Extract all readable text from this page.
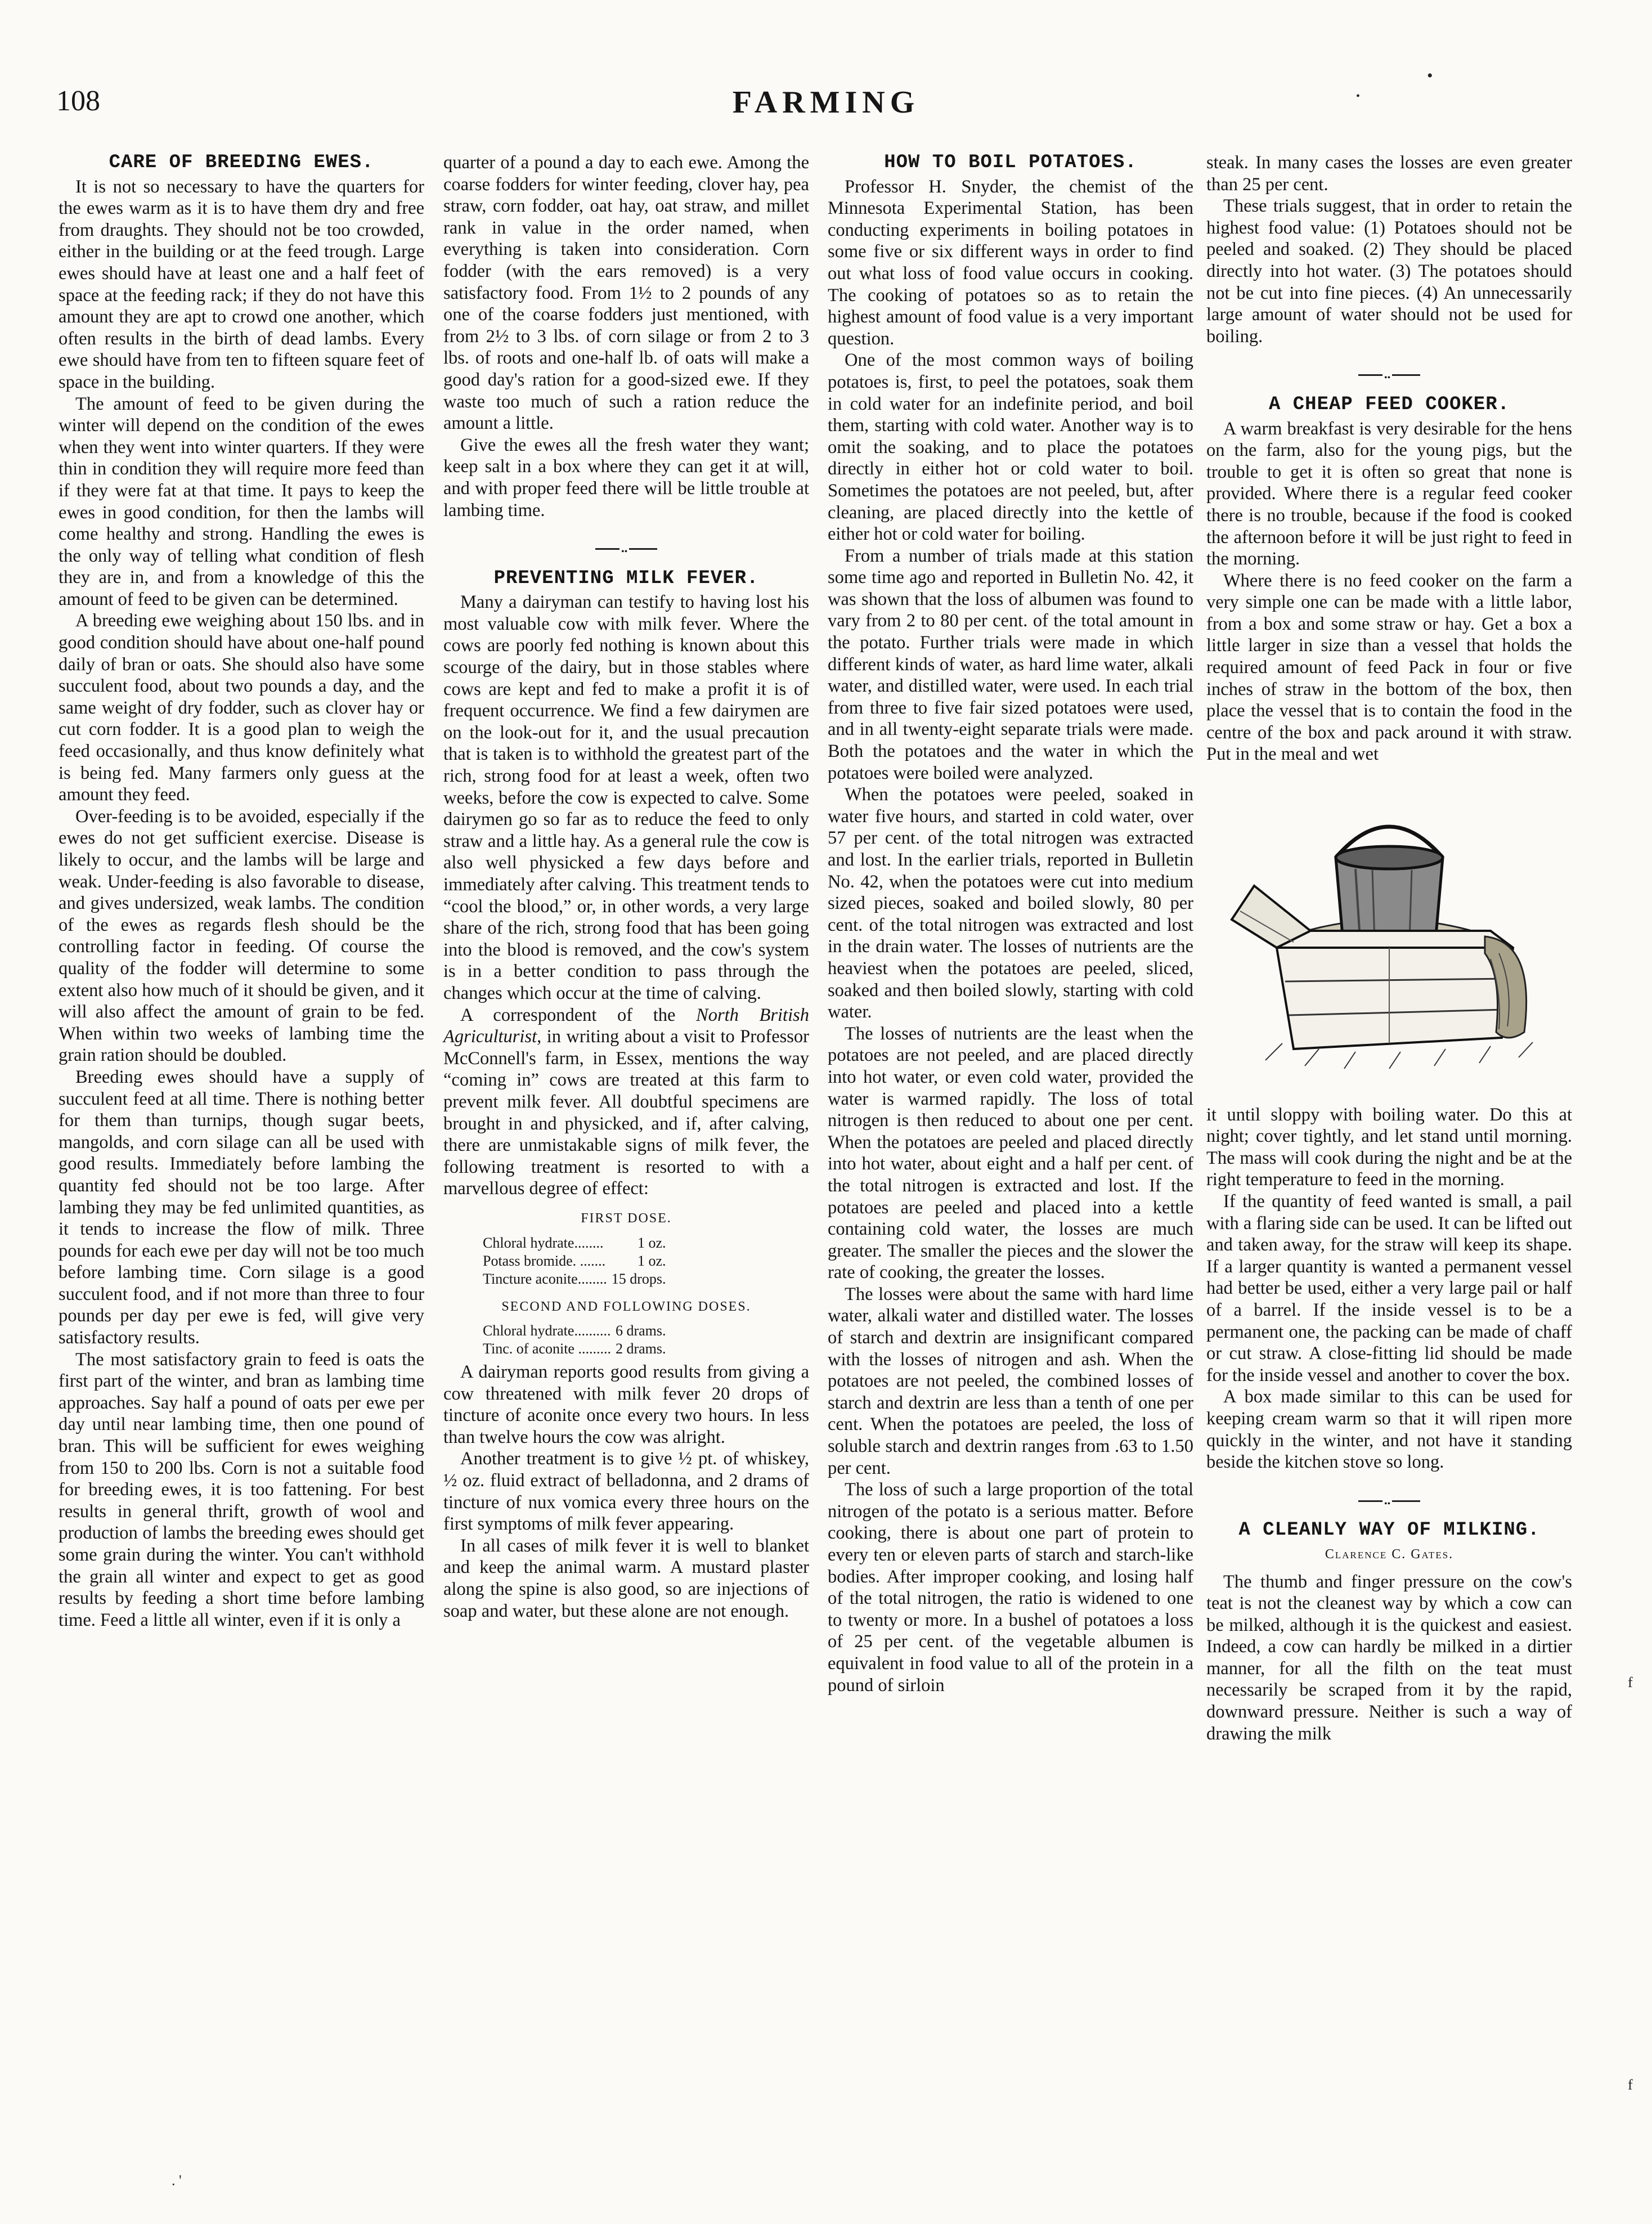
108	FARMING
CARE OF BREEDING EWES.

It is not so necessary to have the quarters for the ewes warm as it is to have them dry and free from draughts. They should not be too crowded, either in the building or at the feed trough. Large ewes should have at least one and a half feet of space at the feeding rack; if they do not have this amount they are apt to crowd one another, which often results in the birth of dead lambs. Every ewe should have from ten to fifteen square feet of space in the building.

The amount of feed to be given during the winter will depend on the condition of the ewes when they went into winter quarters. If they were thin in condition they will require more feed than if they were fat at that time. It pays to keep the ewes in good condition, for then the lambs will come healthy and strong. Handling the ewes is the only way of telling what condition of flesh they are in, and from a knowledge of this the amount of feed to be given can be determined.

A breeding ewe weighing about 150 lbs. and in good condition should have about one-half pound daily of bran or oats. She should also have some succulent food, about two pounds a day, and the same weight of dry fodder, such as clover hay or cut corn fodder. It is a good plan to weigh the feed occasionally, and thus know definitely what is being fed. Many farmers only guess at the amount they feed.

Over-feeding is to be avoided, especially if the ewes do not get sufficient exercise. Disease is likely to occur, and the lambs will be large and weak. Under-feeding is also favorable to disease, and gives undersized, weak lambs. The condition of the ewes as regards flesh should be the controlling factor in feeding. Of course the quality of the fodder will determine to some extent also how much of it should be given, and it will also affect the amount of grain to be fed. When within two weeks of lambing time the grain ration should be doubled.

Breeding ewes should have a supply of succulent feed at all time. There is nothing better for them than turnips, though sugar beets, mangolds, and corn silage can all be used with good results. Immediately before lambing the quantity fed should not be too large. After lambing they may be fed unlimited quantities, as it tends to increase the flow of milk. Three pounds for each ewe per day will not be too much before lambing time. Corn silage is a good succulent food, and if not more than three to four pounds per day per ewe is fed, will give very satisfactory results.

The most satisfactory grain to feed is oats the first part of the winter, and bran as lambing time approaches. Say half a pound of oats per ewe per day until near lambing time, then one pound of bran. This will be sufficient for ewes weighing from 150 to 200 lbs. Corn is not a suitable food for breeding ewes, it is too fattening. For best results in general thrift, growth of wool and production of lambs the breeding ewes should get some grain during the winter. You can't withhold the grain all winter and expect to get as good results by feeding a short time before lambing time. Feed a little all winter, even if it is only a

quarter of a pound a day to each ewe. Among the coarse fodders for winter feeding, clover hay, pea straw, corn fodder, oat hay, oat straw, and millet rank in value in the order named, when everything is taken into consideration. Corn fodder (with the ears removed) is a very satisfactory food. From 1½ to 2 pounds of any one of the coarse fodders just mentioned, with from 2½ to 3 lbs. of corn silage or from 2 to 3 lbs. of roots and one-half lb. of oats will make a good day's ration for a good-sized ewe. If they waste too much of such a ration reduce the amount a little.

Give the ewes all the fresh water they want; keep salt in a box where they can get it at will, and with proper feed there will be little trouble at lambing time.

••
PREVENTING MILK FEVER.

Many a dairyman can testify to having lost his most valuable cow with milk fever. Where the cows are poorly fed nothing is known about this scourge of the dairy, but in those stables where cows are kept and fed to make a profit it is of frequent occurrence. We find a few dairymen are on the look-out for it, and the usual precaution that is taken is to withhold the greatest part of the rich, strong food for at least a week, often two weeks, before the cow is expected to calve. Some dairymen go so far as to reduce the feed to only straw and a little hay. As a general rule the cow is also well physicked a few days before and immediately after calving. This treatment tends to “cool the blood,” or, in other words, a very large share of the rich, strong food that has been going into the blood is removed, and the cow's system is in a better condition to pass through the changes which occur at the time of calving.

A correspondent of the North British Agriculturist, in writing about a visit to Professor McConnell's farm, in Essex, mentions the way “coming in” cows are treated at this farm to prevent milk fever. All doubtful specimens are brought in and physicked, and if, after calving, there are unmistakable signs of milk fever, the following treatment is resorted to with a marvellous degree of effect:

FIRST DOSE.
Chloral hydrate........	1 oz.
Potass bromide. .......	1 oz.
Tincture aconite........	15 drops.
SECOND AND FOLLOWING DOSES.
Chloral hydrate..........	6 drams.
Tinc. of aconite .........	2 drams.

A dairyman reports good results from giving a cow threatened with milk fever 20 drops of tincture of aconite once every two hours. In less than twelve hours the cow was alright.

Another treatment is to give ½ pt. of whiskey, ½ oz. fluid extract of belladonna, and 2 drams of tincture of nux vomica every three hours on the first symptoms of milk fever appearing.

In all cases of milk fever it is well to blanket and keep the animal warm. A mustard plaster along the spine is also good, so are injections of soap and water, but these alone are not enough.

HOW TO BOIL POTATOES.

Professor H. Snyder, the chemist of the Minnesota Experimental Station, has been conducting experiments in boiling potatoes in some five or six different ways in order to find out what loss of food value occurs in cooking. The cooking of potatoes so as to retain the highest amount of food value is a very important question.

One of the most common ways of boiling potatoes is, first, to peel the potatoes, soak them in cold water for an indefinite period, and boil them, starting with cold water. Another way is to omit the soaking, and to place the potatoes directly in either hot or cold water to boil. Sometimes the potatoes are not peeled, but, after cleaning, are placed directly into the kettle of either hot or cold water for boiling.

From a number of trials made at this station some time ago and reported in Bulletin No. 42, it was shown that the loss of albumen was found to vary from 2 to 80 per cent. of the total amount in the potato. Further trials were made in which different kinds of water, as hard lime water, alkali water, and distilled water, were used. In each trial from three to five fair sized potatoes were used, and in all twenty-eight separate trials were made. Both the potatoes and the water in which the potatoes were boiled were analyzed.

When the potatoes were peeled, soaked in water five hours, and started in cold water, over 57 per cent. of the total nitrogen was extracted and lost. In the earlier trials, reported in Bulletin No. 42, when the potatoes were cut into medium sized pieces, soaked and boiled slowly, 80 per cent. of the total nitrogen was extracted and lost in the drain water. The losses of nutrients are the heaviest when the potatoes are peeled, sliced, soaked and then boiled slowly, starting with cold water.

The losses of nutrients are the least when the potatoes are not peeled, and are placed directly into hot water, or even cold water, provided the water is warmed rapidly. The loss of total nitrogen is then reduced to about one per cent. When the potatoes are peeled and placed directly into hot water, about eight and a half per cent. of the total nitrogen is extracted and lost. If the potatoes are peeled and placed into a kettle containing cold water, the losses are much greater. The smaller the pieces and the slower the rate of cooking, the greater the losses.

The losses were about the same with hard lime water, alkali water and distilled water. The losses of starch and dextrin are insignificant compared with the losses of nitrogen and ash. When the potatoes are not peeled, the combined losses of starch and dextrin are less than a tenth of one per cent. When the potatoes are peeled, the loss of soluble starch and dextrin ranges from .63 to 1.50 per cent.

The loss of such a large proportion of the total nitrogen of the potato is a serious matter. Before cooking, there is about one part of protein to every ten or eleven parts of starch and starch-like bodies. After improper cooking, and losing half of the total nitrogen, the ratio is widened to one to twenty or more. In a bushel of potatoes a loss of 25 per cent. of the vegetable albumen is equivalent in food value to all of the protein in a pound of sirloin

steak. In many cases the losses are even greater than 25 per cent.

These trials suggest, that in order to retain the highest food value: (1) Potatoes should not be peeled and soaked. (2) They should be placed directly into hot water. (3) The potatoes should not be cut into fine pieces. (4) An unnecessarily large amount of water should not be used for boiling.

••
A CHEAP FEED COOKER.

A warm breakfast is very desirable for the hens on the farm, also for the young pigs, but the trouble to get it is often so great that none is provided. Where there is a regular feed cooker there is no trouble, because if the food is cooked the afternoon before it will be just right to feed in the morning.

Where there is no feed cooker on the farm a very simple one can be made with a little labor, from a box and some straw or hay. Get a box a little larger in size than a vessel that holds the required amount of feed Pack in four or five inches of straw in the bottom of the box, then place the vessel that is to contain the food in the centre of the box and pack around it with straw. Put in the meal and wet

it until sloppy with boiling water. Do this at night; cover tightly, and let stand until morning. The mass will cook during the night and be at the right temperature to feed in the morning.

If the quantity of feed wanted is small, a pail with a flaring side can be used. It can be lifted out and taken away, for the straw will keep its shape. If a larger quantity is wanted a permanent vessel had better be used, either a very large pail or half of a barrel. If the inside vessel is to be a permanent one, the packing can be made of chaff or cut straw. A close-fitting lid should be made for the inside vessel and another to cover the box.

A box made similar to this can be used for keeping cream warm so that it will ripen more quickly in the winter, and not have it standing beside the kitchen stove so long.

••
A CLEANLY WAY OF MILKING.
Clarence C. Gates.

The thumb and finger pressure on the cow's teat is not the cleanest way by which a cow can be milked, although it is the quickest and easiest. Indeed, a cow can hardly be milked in a dirtier manner, for all the filth on the teat must necessarily be scraped from it by the rapid, downward pressure. Neither is such a way of drawing the milk

•
•
f
f
. '
